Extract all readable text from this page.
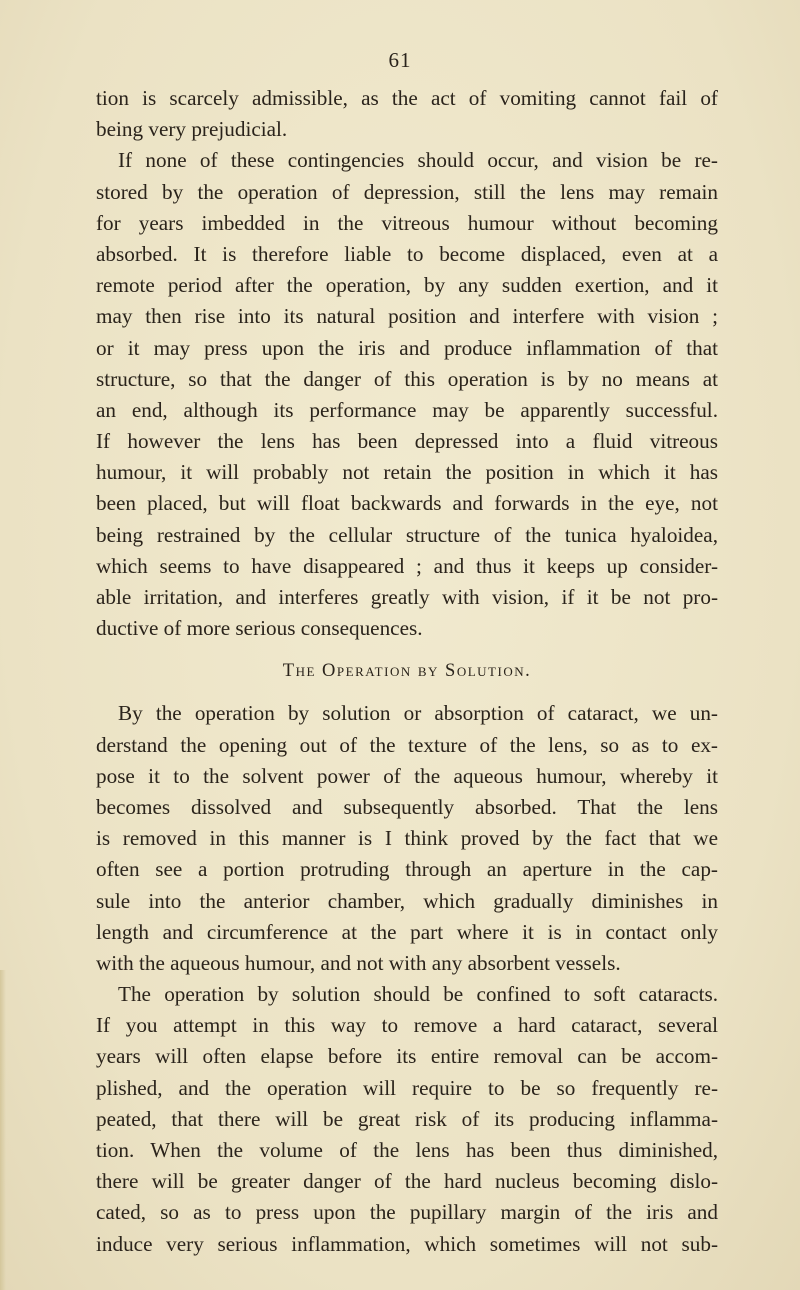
61
tion is scarcely admissible, as the act of vomiting cannot fail of
being very prejudicial.
If none of these contingencies should occur, and vision be re-
stored by the operation of depression, still the lens may remain
for years imbedded in the vitreous humour without becoming
absorbed. It is therefore liable to become displaced, even at a
remote period after the operation, by any sudden exertion, and it
may then rise into its natural position and interfere with vision ;
or it may press upon the iris and produce inflammation of that
structure, so that the danger of this operation is by no means at
an end, although its performance may be apparently successful.
If however the lens has been depressed into a fluid vitreous
humour, it will probably not retain the position in which it has
been placed, but will float backwards and forwards in the eye, not
being restrained by the cellular structure of the tunica hyaloidea,
which seems to have disappeared ; and thus it keeps up consider-
able irritation, and interferes greatly with vision, if it be not pro-
ductive of more serious consequences.
The Operation by Solution.
By the operation by solution or absorption of cataract, we un-
derstand the opening out of the texture of the lens, so as to ex-
pose it to the solvent power of the aqueous humour, whereby it
becomes dissolved and subsequently absorbed. That the lens
is removed in this manner is I think proved by the fact that we
often see a portion protruding through an aperture in the cap-
sule into the anterior chamber, which gradually diminishes in
length and circumference at the part where it is in contact only
with the aqueous humour, and not with any absorbent vessels.
The operation by solution should be confined to soft cataracts.
If you attempt in this way to remove a hard cataract, several
years will often elapse before its entire removal can be accom-
plished, and the operation will require to be so frequently re-
peated, that there will be great risk of its producing inflamma-
tion. When the volume of the lens has been thus diminished,
there will be greater danger of the hard nucleus becoming dislo-
cated, so as to press upon the pupillary margin of the iris and
induce very serious inflammation, which sometimes will not sub-
